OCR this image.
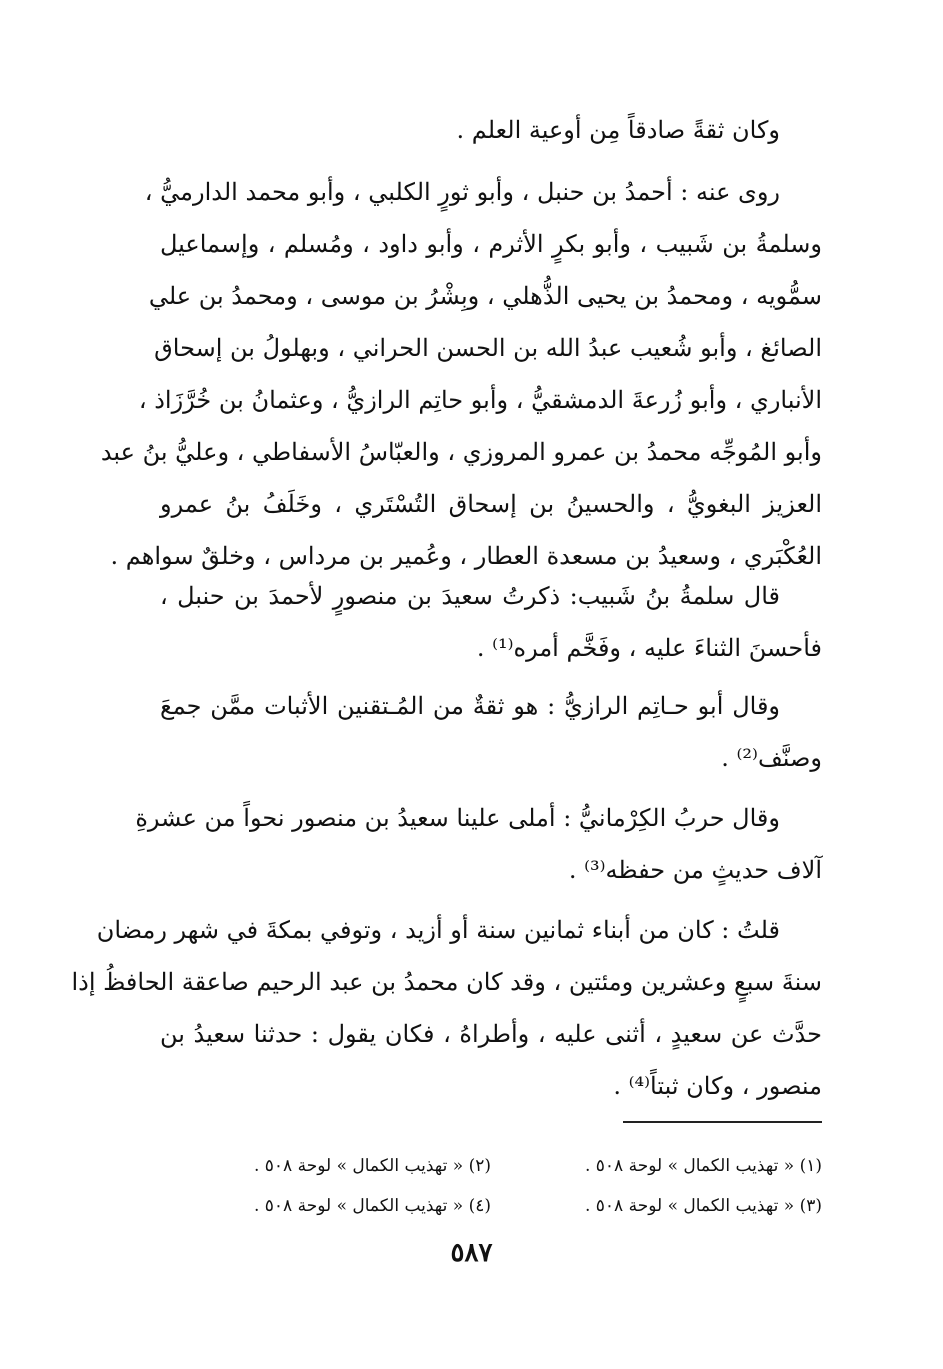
وكان ثقةً صادقاً مِن أوعية العلم .
روى عنه : أحمدُ بن حنبل ، وأبو ثورٍ الكلبي ، وأبو محمد الدارميُّ ،
وسلمةُ بن شَبيب ، وأبو بكرٍ الأثرم ، وأبو داود ، ومُسلم ، وإسماعيل
سمُّويه ، ومحمدُ بن يحيى الذُّهلي ، وبِشْرُ بن موسى ، ومحمدُ بن علي
الصائغ ، وأبو شُعيب عبدُ الله بن الحسن الحراني ، وبهلولُ بن إسحاق
الأنباري ، وأبو زُرعةَ الدمشقيُّ ، وأبو حاتِم الرازيُّ ، وعثمانُ بن خُرَّزَاذ ،
وأبو المُوجِّه محمدُ بن عمرو المروزي ، والعبّاسُ الأسفاطي ، وعليُّ بنُ عبد
العزيز البغويُّ ، والحسينُ بن إسحاق التُسْتَري ، وخَلَفُ بنُ عمرو
العُكْبَري ، وسعيدُ بن مسعدة العطار ، وعُمير بن مرداس ، وخلقٌ سواهم .
قال سلمةُ بنُ شَبيب: ذكرتُ سعيدَ بن منصورٍ لأحمدَ بن حنبل ،
فأحسنَ الثناءَ عليه ، وفَخَّم أمره⁽¹⁾ .
وقال أبو حـاتِم الرازيُّ : هو ثقةٌ من المُـتقنين الأثبات ممَّن جمعَ
وصنَّف⁽²⁾ .
وقال حربُ الكِرْمانيُّ : أملى علينا سعيدُ بن منصور نحواً من عشرةِ
آلاف حديثٍ من حفظه⁽³⁾ .
قلتُ : كان من أبناء ثمانين سنة أو أزيد ، وتوفي بمكةَ في شهر رمضان
سنةَ سبعٍ وعشرين ومئتين ، وقد كان محمدُ بن عبد الرحيم صاعقة الحافظُ إذا
حدَّث عن سعيدٍ ، أثنى عليه ، وأطراهُ ، فكان يقول : حدثنا سعيدُ بن
منصور ، وكان ثبتاً⁽⁴⁾ .
(١) « تهذيب الكمال » لوحة ٥٠٨ .
(٢) « تهذيب الكمال » لوحة ٥٠٨ .
(٣) « تهذيب الكمال » لوحة ٥٠٨ .
(٤) « تهذيب الكمال » لوحة ٥٠٨ .
٥٨٧
